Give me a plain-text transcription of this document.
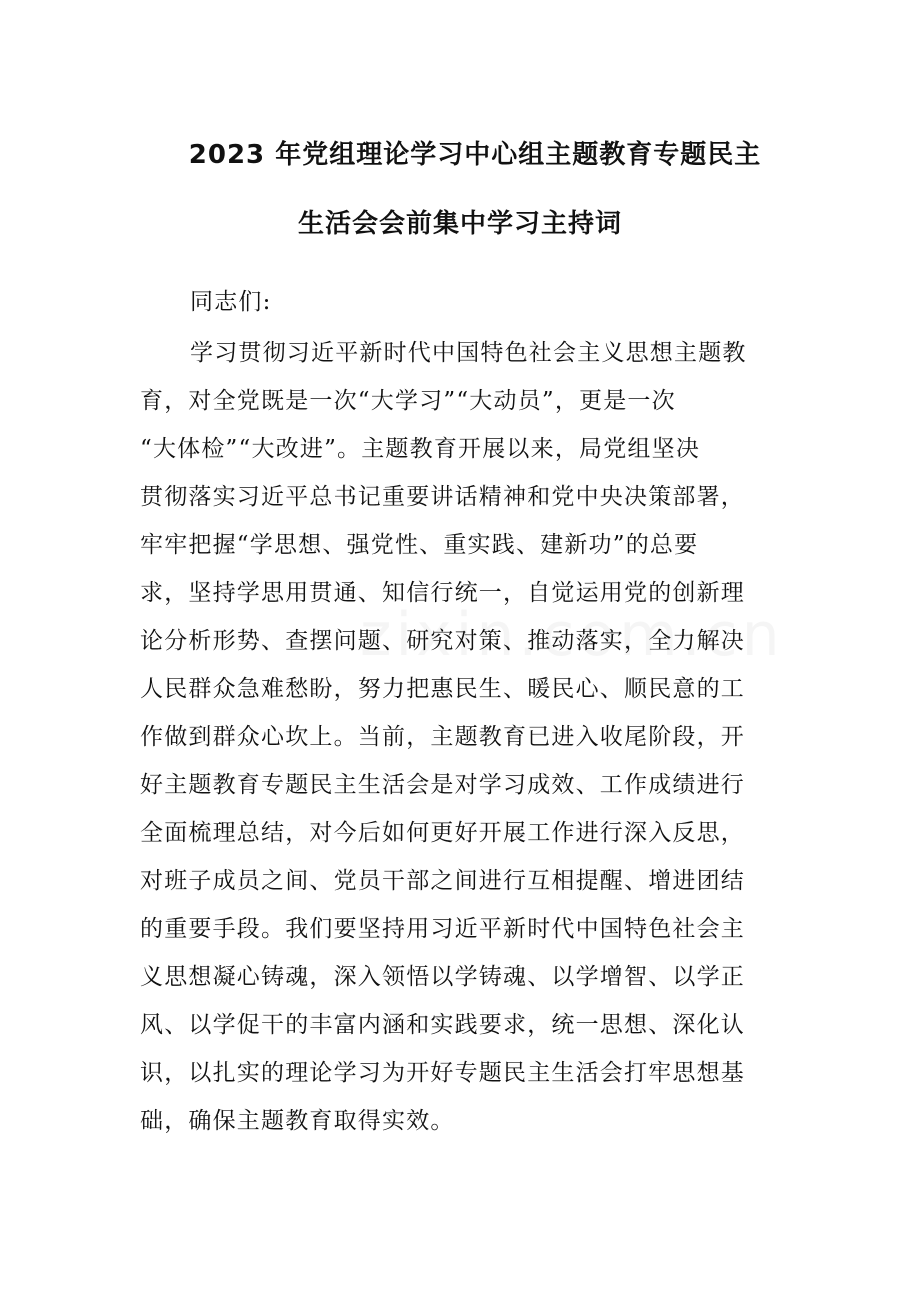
2023 年党组理论学习中心组主题教育专题民主
生活会会前集中学习主持词
同志们:
学习贯彻习近平新时代中国特色社会主义思想主题教
育，对全党既是一次“大学习”“大动员”，更是一次
“大体检”“大改进”。主题教育开展以来，局党组坚决
贯彻落实习近平总书记重要讲话精神和党中央决策部署，
牢牢把握“学思想、强党性、重实践、建新功”的总要
求，坚持学思用贯通、知信行统一，自觉运用党的创新理
论分析形势、查摆问题、研究对策、推动落实，全力解决
人民群众急难愁盼，努力把惠民生、暖民心、顺民意的工
作做到群众心坎上。当前，主题教育已进入收尾阶段，开
好主题教育专题民主生活会是对学习成效、工作成绩进行
全面梳理总结，对今后如何更好开展工作进行深入反思，
对班子成员之间、党员干部之间进行互相提醒、增进团结
的重要手段。我们要坚持用习近平新时代中国特色社会主
义思想凝心铸魂，深入领悟以学铸魂、以学增智、以学正
风、以学促干的丰富内涵和实践要求，统一思想、深化认
识，以扎实的理论学习为开好专题民主生活会打牢思想基
础，确保主题教育取得实效。
